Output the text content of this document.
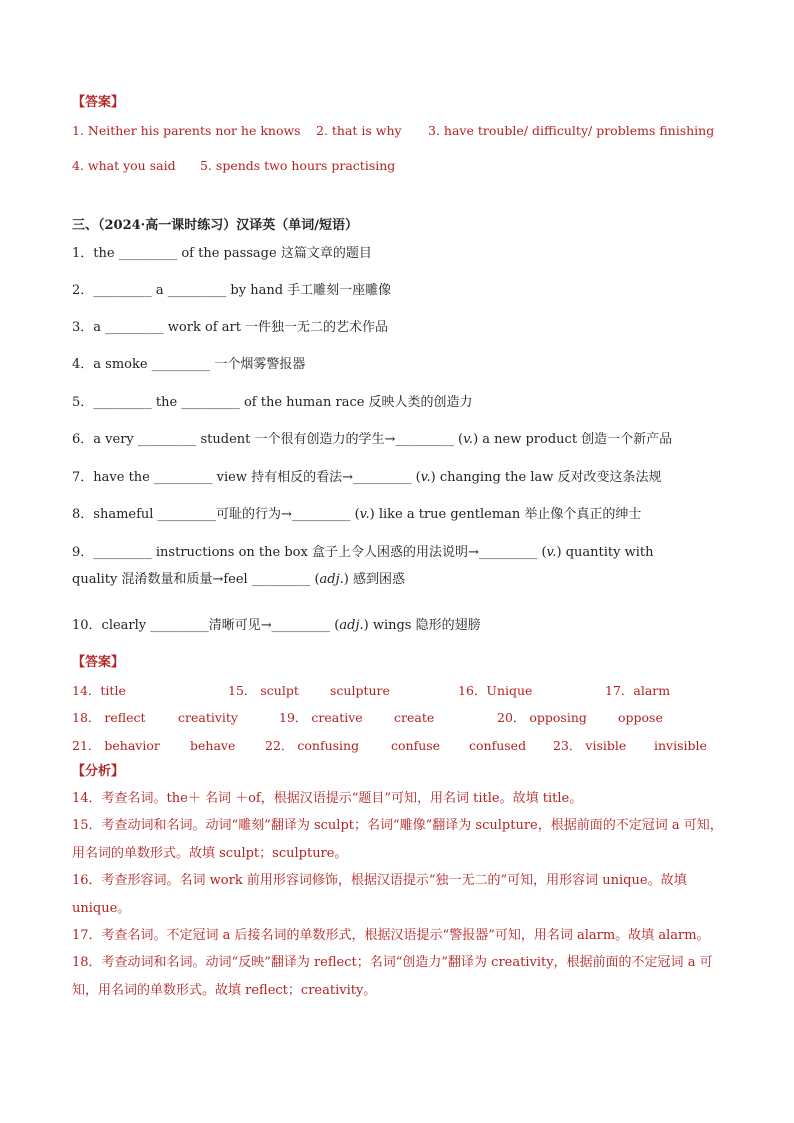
【答案】
1. Neither his parents nor he knows 2. that is why 3. have trouble/ difficulty/ problems finishing
4. what you said 5. spends two hours practising
三、（2024·高一课时练习）汉译英（单词/短语）
1．the _________ of the passage 这篇文章的题目
2．_________ a _________ by hand 手工雕刻一座雕像
3．a _________ work of art 一件独一无二的艺术作品
4．a smoke _________ 一个烟雾警报器
5．_________ the _________ of the human race 反映人类的创造力
6．a very _________ student 一个很有创造力的学生→_________ (v.) a new product 创造一个新产品
7．have the _________ view 持有相反的看法→_________ (v.) changing the law 反对改变这条法规
8．shameful _________可耻的行为→_________ (v.) like a true gentleman 举止像个真正的绅士
9．_________ instructions on the box 盒子上令人困惑的用法说明→_________ (v.) quantity with
quality 混淆数量和质量→feel _________ (adj.) 感到困惑
10．clearly _________清晰可见→_________ (adj.) wings 隐形的翅膀
【答案】
14．title	15． sculpt sculpture	16．Unique	17．alarm
18． reflect	creativity	19． creative	create	20． opposing oppose
21． behavior behave 22． confusing	confuse confused 23． visible invisible
【分析】
14．考查名词。the＋ 名词 ＋of，根据汉语提示“题目”可知，用名词 title。故填 title。
15．考查动词和名词。动词“雕刻”翻译为 sculpt；名词“雕像”翻译为 sculpture，根据前面的不定冠词 a 可知，
用名词的单数形式。故填 sculpt；sculpture。
16．考查形容词。名词 work 前用形容词修饰，根据汉语提示“独一无二的”可知，用形容词 unique。故填
unique。
17．考查名词。不定冠词 a 后接名词的单数形式，根据汉语提示“警报器”可知，用名词 alarm。故填 alarm。
18．考查动词和名词。动词“反映”翻译为 reflect；名词“创造力”翻译为 creativity，根据前面的不定冠词 a 可
知，用名词的单数形式。故填 reflect；creativity。
